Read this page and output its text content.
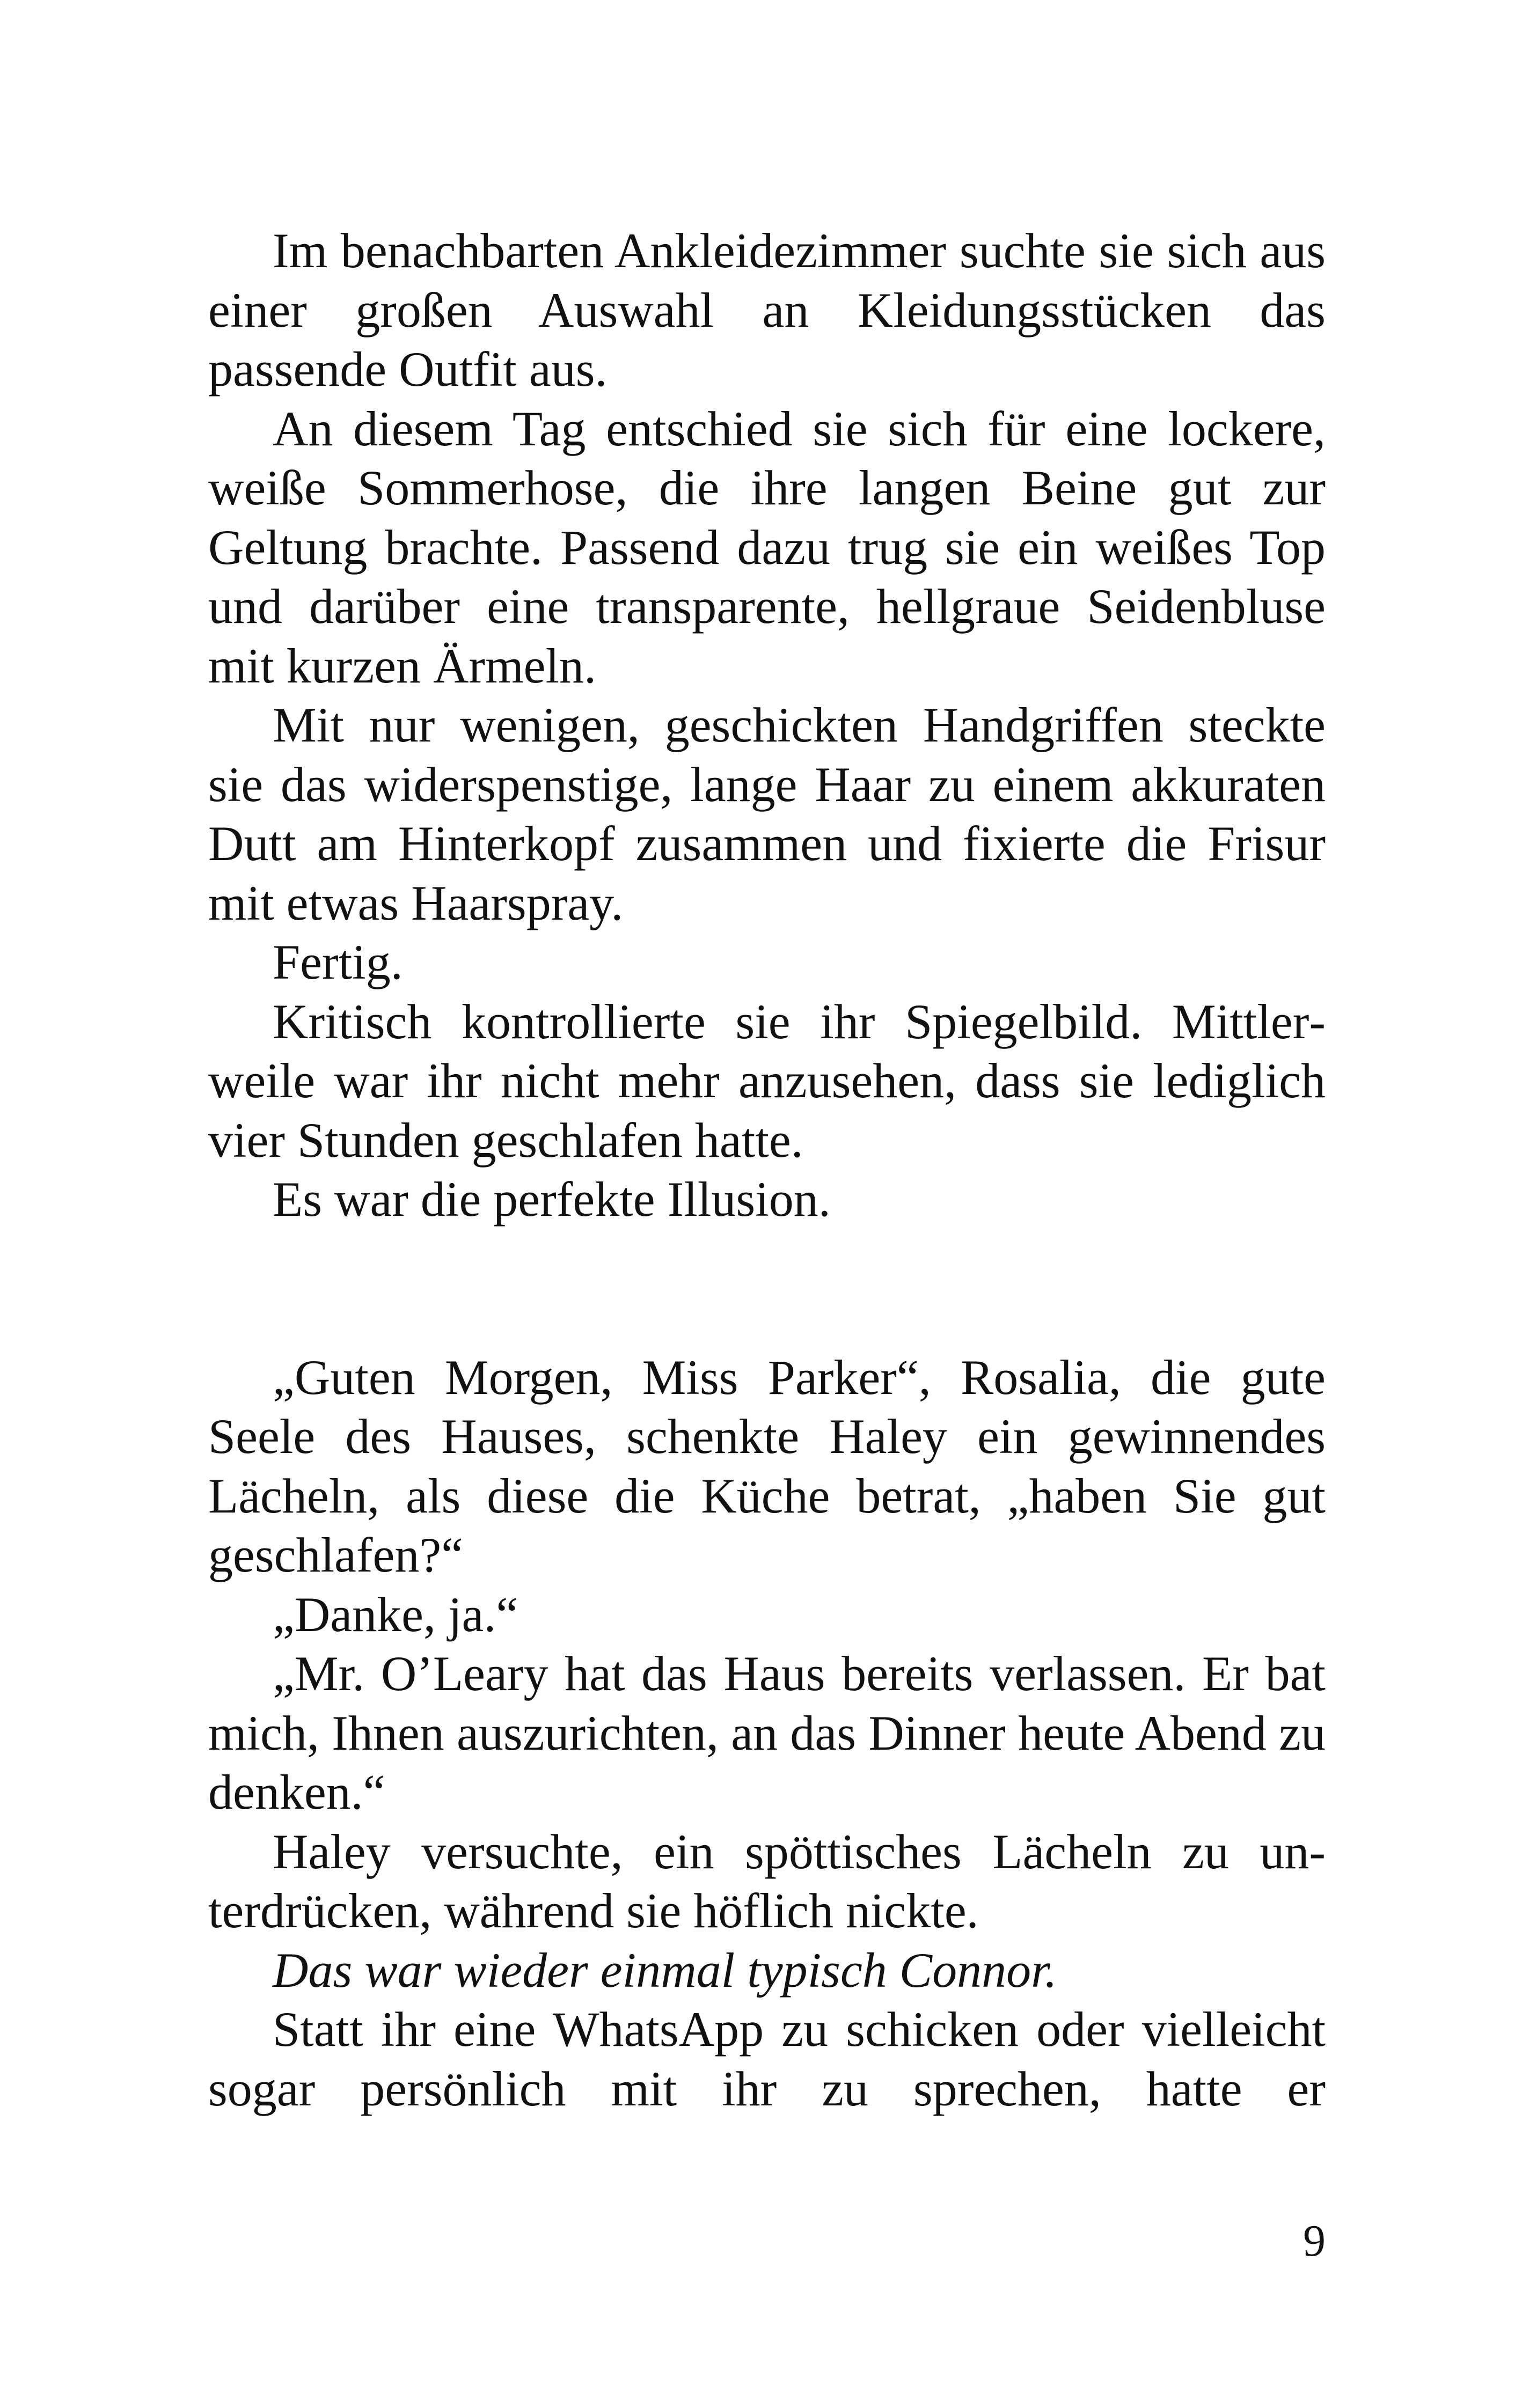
Im benachbarten Ankleidezimmer suchte sie sich aus einer großen Auswahl an Kleidungsstücken das passende Outfit aus.

An diesem Tag entschied sie sich für eine lockere, weiße Sommerhose, die ihre langen Beine gut zur Geltung brachte. Passend dazu trug sie ein weißes Top und darüber eine transparente, hellgraue Seidenbluse mit kurzen Ärmeln.

Mit nur wenigen, geschickten Handgriffen steckte sie das widerspenstige, lange Haar zu einem akkuraten Dutt am Hinterkopf zusammen und fixierte die Frisur mit etwas Haarspray.

Fertig.

Kritisch kontrollierte sie ihr Spiegelbild. Mittlerweile war ihr nicht mehr anzusehen, dass sie lediglich vier Stunden geschlafen hatte.

Es war die perfekte Illusion.

„Guten Morgen, Miss Parker“, Rosalia, die gute Seele des Hauses, schenkte Haley ein gewinnendes Lächeln, als diese die Küche betrat, „haben Sie gut geschlafen?“

„Danke, ja.“

„Mr. O’Leary hat das Haus bereits verlassen. Er bat mich, Ihnen auszurichten, an das Dinner heute Abend zu denken.“

Haley versuchte, ein spöttisches Lächeln zu unterdrücken, während sie höflich nickte.

Das war wieder einmal typisch Connor.

Statt ihr eine WhatsApp zu schicken oder vielleicht sogar persönlich mit ihr zu sprechen, hatte er

9
